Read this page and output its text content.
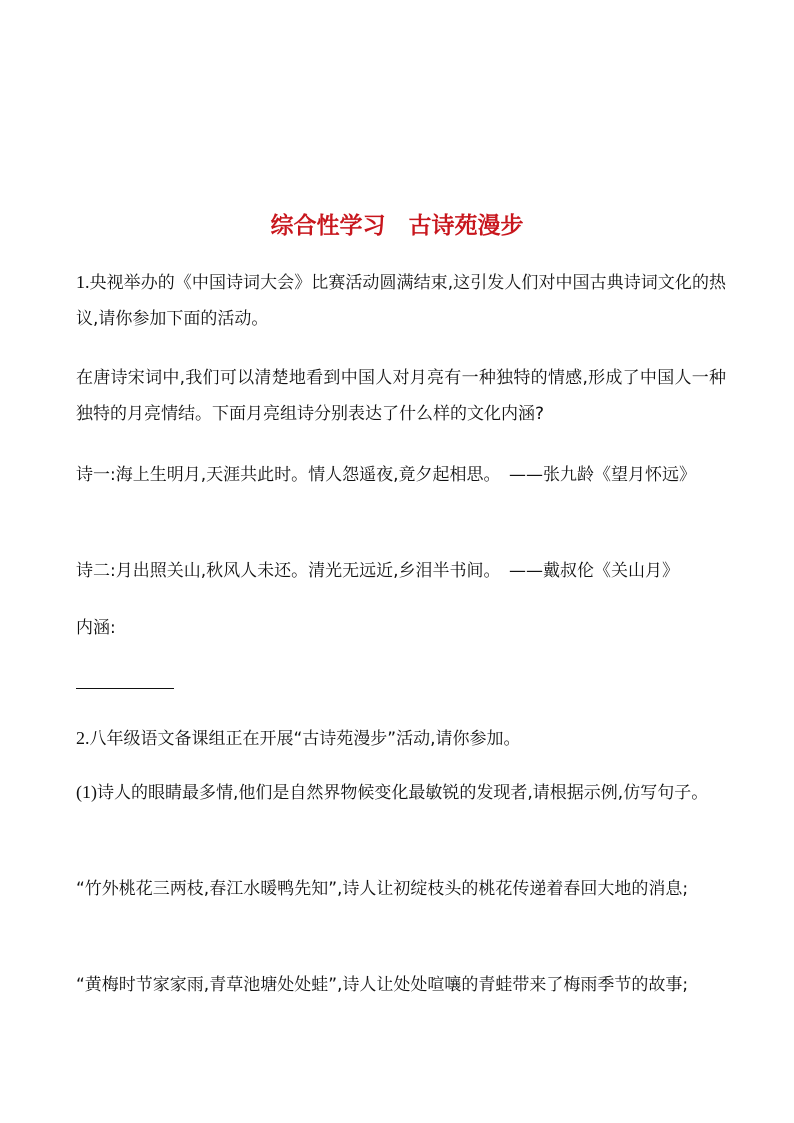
综合性学习　古诗苑漫步

1.央视举办的《中国诗词大会》比赛活动圆满结束,这引发人们对中国古典诗词文化的热议,请你参加下面的活动。

在唐诗宋词中,我们可以清楚地看到中国人对月亮有一种独特的情感,形成了中国人一种独特的月亮情结。下面月亮组诗分别表达了什么样的文化内涵?

诗一:海上生明月,天涯共此时。情人怨遥夜,竟夕起相思。　——张九龄《望月怀远》

诗二:月出照关山,秋风人未还。清光无远近,乡泪半书间。　——戴叔伦《关山月》

内涵:

2.八年级语文备课组正在开展“古诗苑漫步”活动,请你参加。

(1)诗人的眼睛最多情,他们是自然界物候变化最敏锐的发现者,请根据示例,仿写句子。

“竹外桃花三两枝,春江水暖鸭先知”,诗人让初绽枝头的桃花传递着春回大地的消息;

“黄梅时节家家雨,青草池塘处处蛙”,诗人让处处喧嚷的青蛙带来了梅雨季节的故事;
